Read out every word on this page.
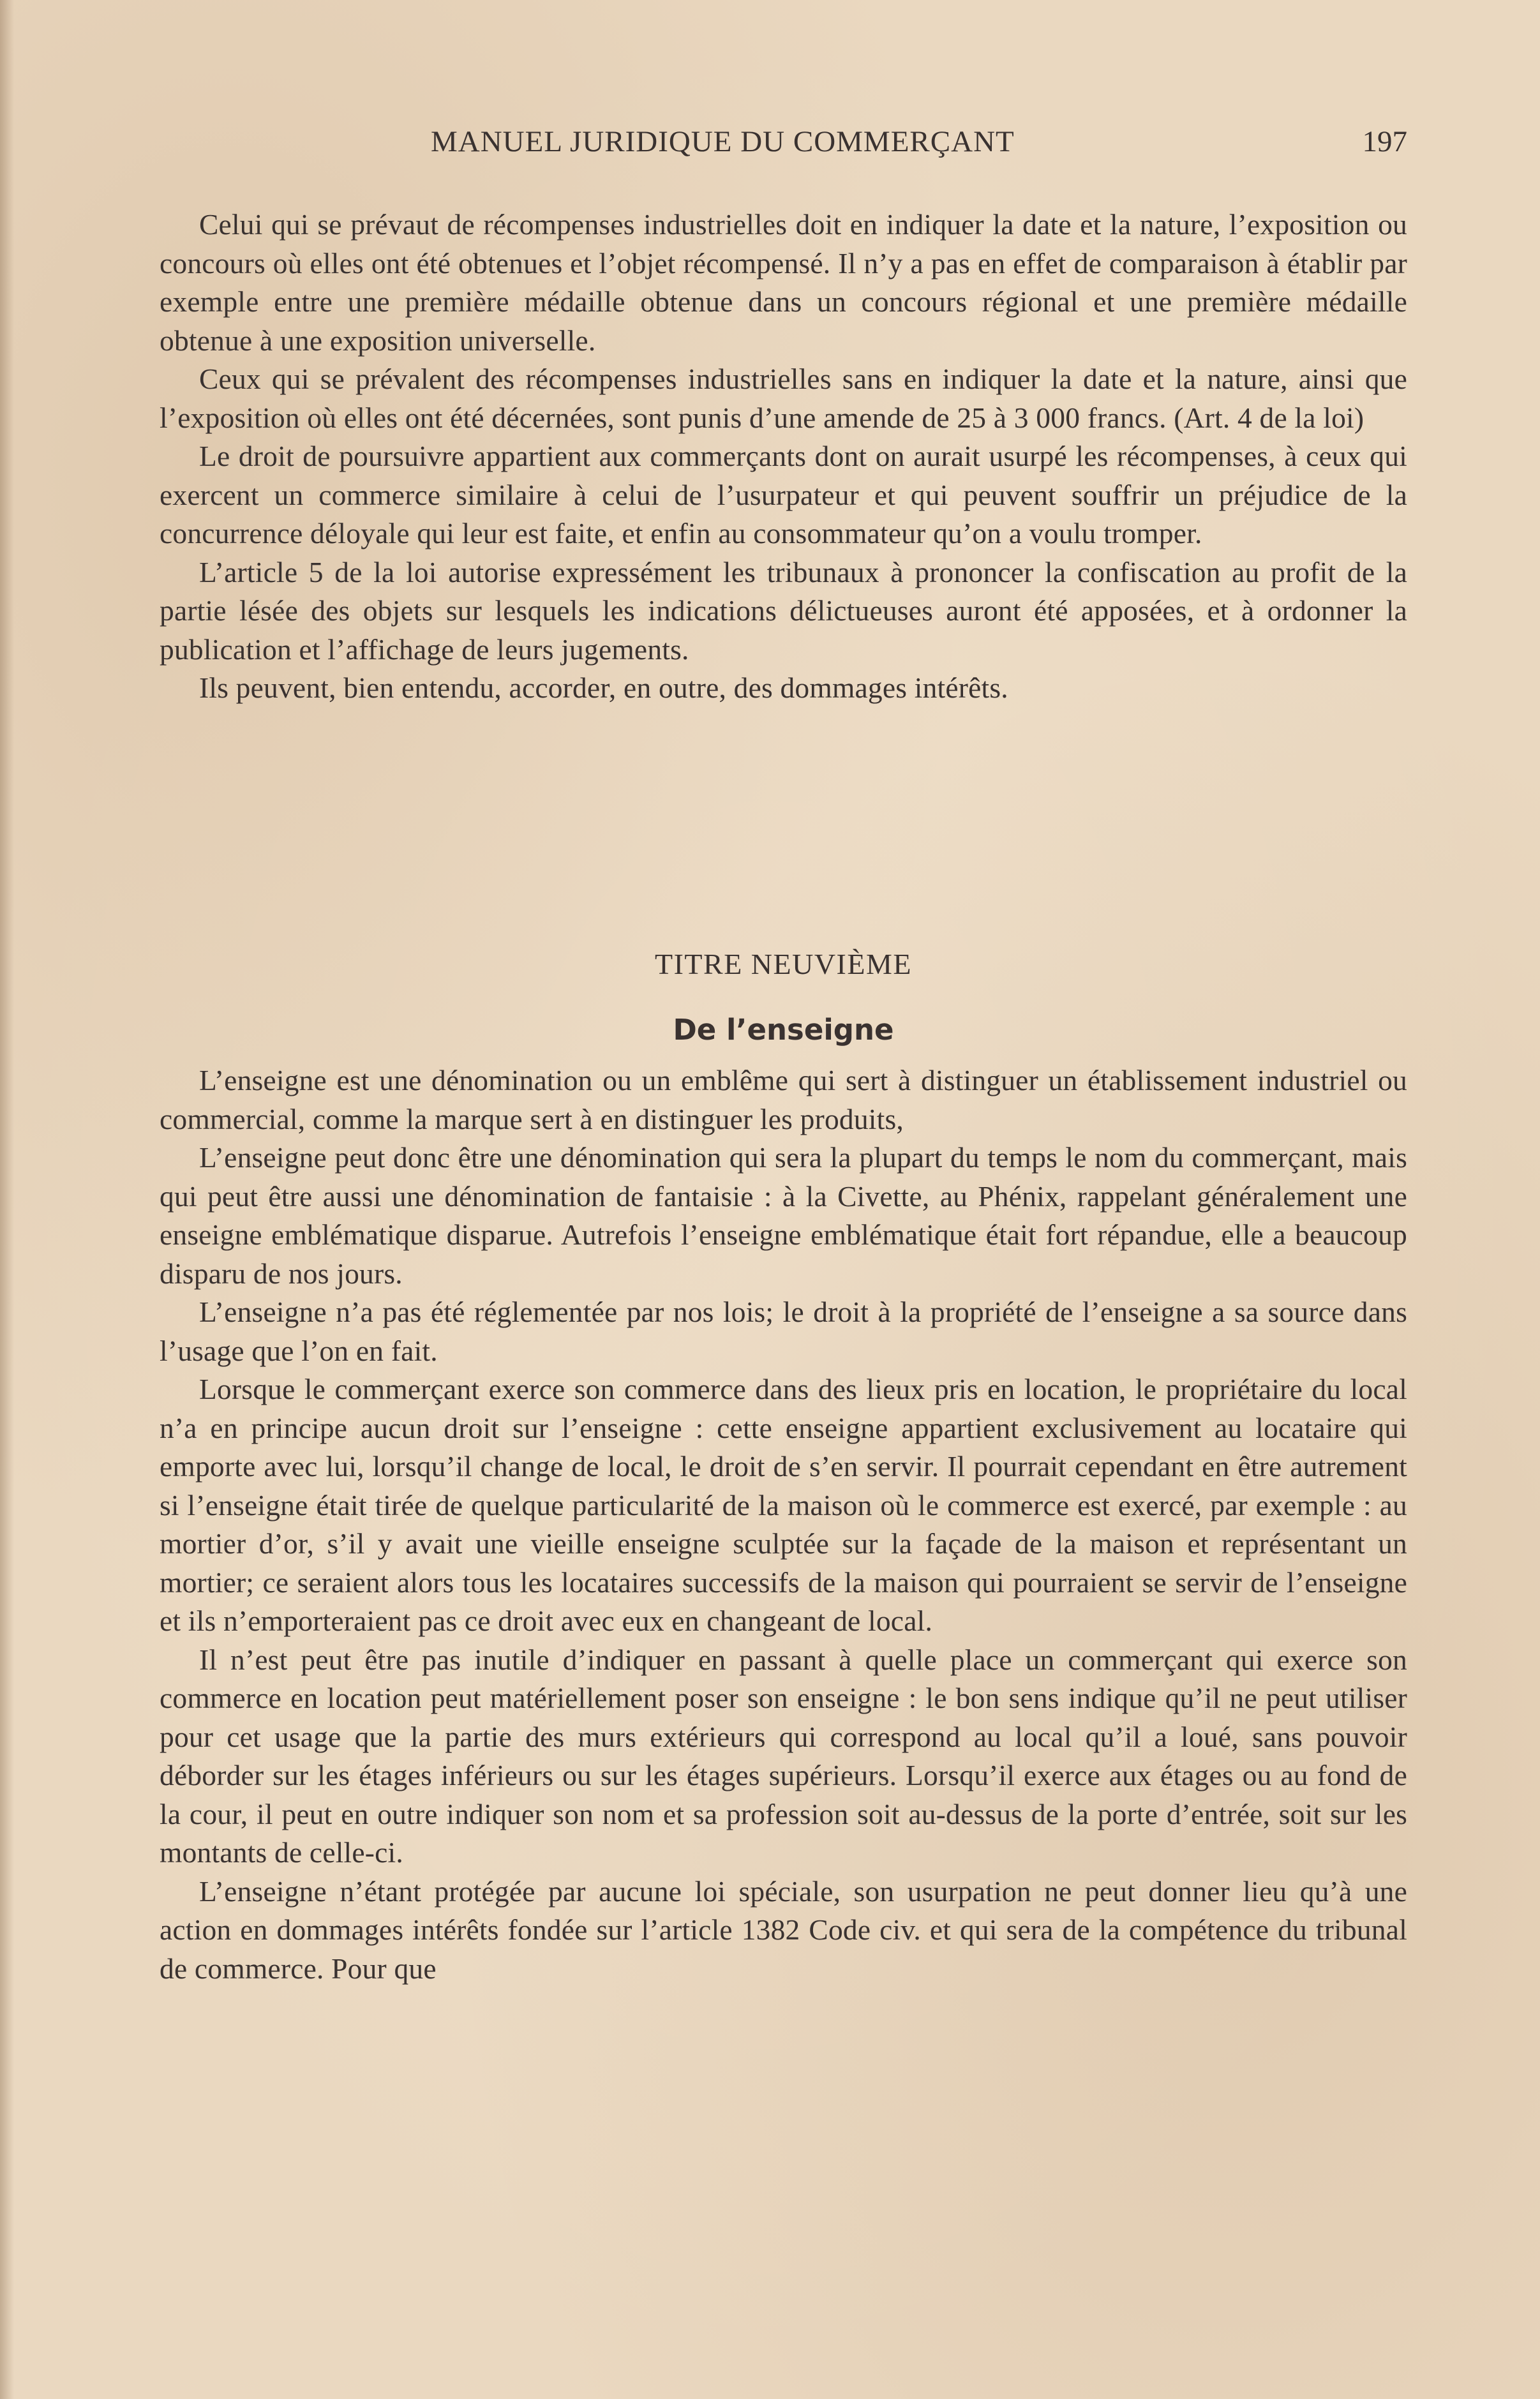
MANUEL JURIDIQUE DU COMMERÇANT	197

Celui qui se prévaut de récompenses industrielles doit en indiquer la date et la nature, l’exposition ou concours où elles ont été obtenues et l’objet récompensé. Il n’y a pas en effet de comparaison à établir par exemple entre une première médaille obtenue dans un concours régional et une première médaille obtenue à une exposition universelle.

Ceux qui se prévalent des récompenses industrielles sans en indiquer la date et la nature, ainsi que l’exposition où elles ont été décernées, sont punis d’une amende de 25 à 3 000 francs. (Art. 4 de la loi)

Le droit de poursuivre appartient aux commerçants dont on aurait usurpé les récompenses, à ceux qui exercent un commerce similaire à celui de l’usurpateur et qui peuvent souffrir un préjudice de la concurrence déloyale qui leur est faite, et enfin au consommateur qu’on a voulu tromper.

L’article 5 de la loi autorise expressément les tribunaux à prononcer la confiscation au profit de la partie lésée des objets sur lesquels les indications délictueuses auront été apposées, et à ordonner la publication et l’affichage de leurs jugements.

Ils peuvent, bien entendu, accorder, en outre, des dommages intérêts.

TITRE NEUVIÈME
De l’enseigne

L’enseigne est une dénomination ou un emblême qui sert à distinguer un établissement industriel ou commercial, comme la marque sert à en distinguer les produits,

L’enseigne peut donc être une dénomination qui sera la plupart du temps le nom du commerçant, mais qui peut être aussi une dénomination de fantaisie : à la Civette, au Phénix, rappelant généralement une enseigne emblématique disparue. Autrefois l’enseigne emblématique était fort répandue, elle a beaucoup disparu de nos jours.

L’enseigne n’a pas été réglementée par nos lois; le droit à la propriété de l’enseigne a sa source dans l’usage que l’on en fait.

Lorsque le commerçant exerce son commerce dans des lieux pris en location, le propriétaire du local n’a en principe aucun droit sur l’enseigne : cette enseigne appartient exclusivement au locataire qui emporte avec lui, lorsqu’il change de local, le droit de s’en servir. Il pourrait cependant en être autrement si l’enseigne était tirée de quelque particularité de la maison où le commerce est exercé, par exemple : au mortier d’or, s’il y avait une vieille enseigne sculptée sur la façade de la maison et représentant un mortier; ce seraient alors tous les locataires successifs de la maison qui pourraient se servir de l’enseigne et ils n’emporteraient pas ce droit avec eux en changeant de local.

Il n’est peut être pas inutile d’indiquer en passant à quelle place un commerçant qui exerce son commerce en location peut matériellement poser son enseigne : le bon sens indique qu’il ne peut utiliser pour cet usage que la partie des murs extérieurs qui correspond au local qu’il a loué, sans pouvoir déborder sur les étages inférieurs ou sur les étages supérieurs. Lorsqu’il exerce aux étages ou au fond de la cour, il peut en outre indiquer son nom et sa profession soit au-dessus de la porte d’entrée, soit sur les montants de celle-ci.

L’enseigne n’étant protégée par aucune loi spéciale, son usurpation ne peut donner lieu qu’à une action en dommages intérêts fondée sur l’article 1382 Code civ. et qui sera de la compétence du tribunal de commerce. Pour que
